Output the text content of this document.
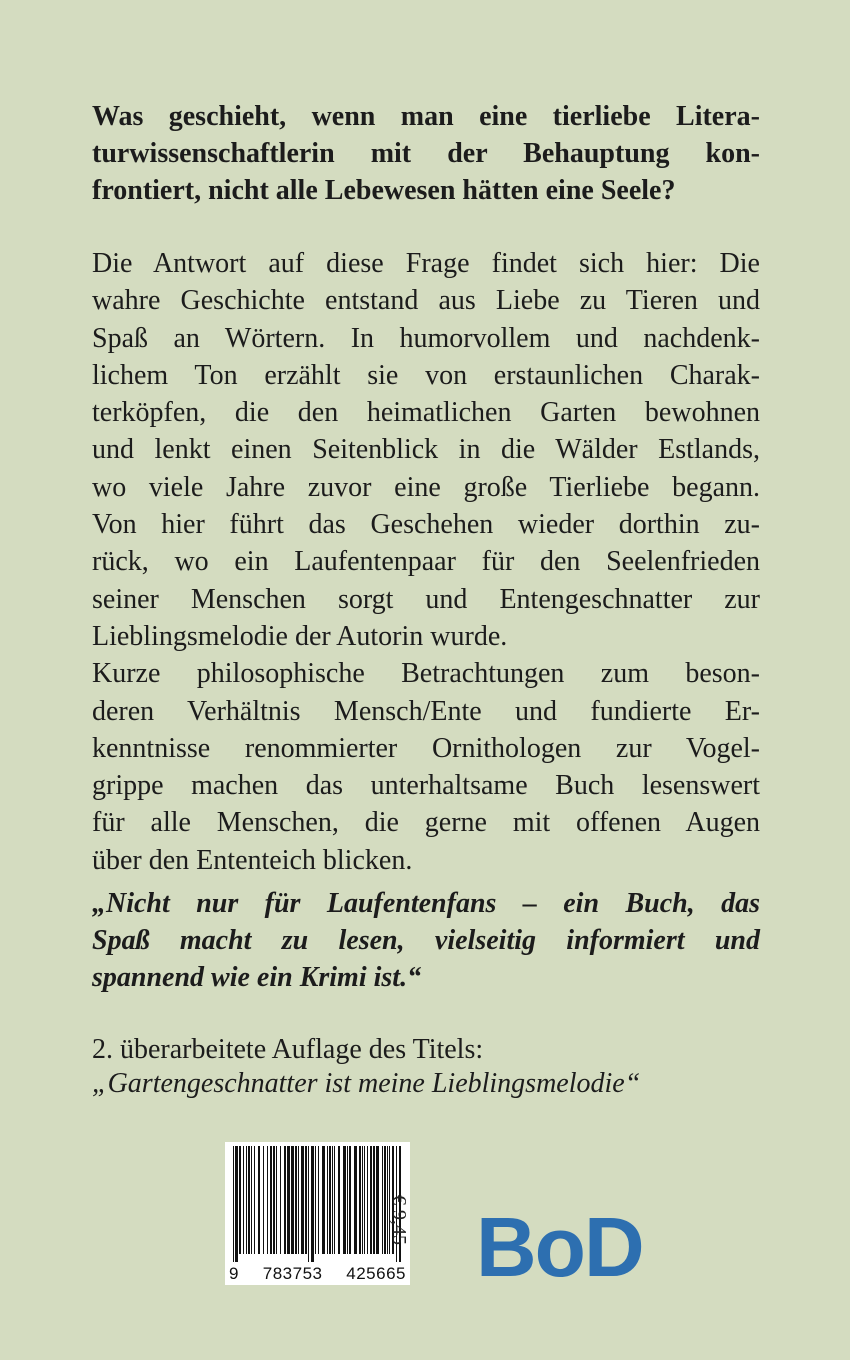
Was geschieht, wenn man eine tierliebe Litera-
turwissenschaftlerin mit der Behauptung kon-
frontiert, nicht alle Lebewesen hätten eine Seele?

Die Antwort auf diese Frage findet sich hier: Die
wahre Geschichte entstand aus Liebe zu Tieren und
Spaß an Wörtern. In humorvollem und nachdenk-
lichem Ton erzählt sie von erstaunlichen Charak-
terköpfen, die den heimatlichen Garten bewohnen
und lenkt einen Seitenblick in die Wälder Estlands,
wo viele Jahre zuvor eine große Tierliebe begann.
Von hier führt das Geschehen wieder dorthin zu-
rück, wo ein Laufentenpaar für den Seelenfrieden
seiner Menschen sorgt und Entengeschnatter zur
Lieblingsmelodie der Autorin wurde.
Kurze philosophische Betrachtungen zum beson-
deren Verhältnis Mensch/Ente und fundierte Er-
kenntnisse renommierter Ornithologen zur Vogel-
grippe machen das unterhaltsame Buch lesenswert
für alle Menschen, die gerne mit offenen Augen
über den Ententeich blicken.

„Nicht nur für Laufentenfans – ein Buch, das
Spaß macht zu lesen, vielseitig informiert und
spannend wie ein Krimi ist.“

2. überarbeitete Auflage des Titels:
„Gartengeschnatter ist meine Lieblingsmelodie“

9 783753 425665
€ 9,45 BoD
